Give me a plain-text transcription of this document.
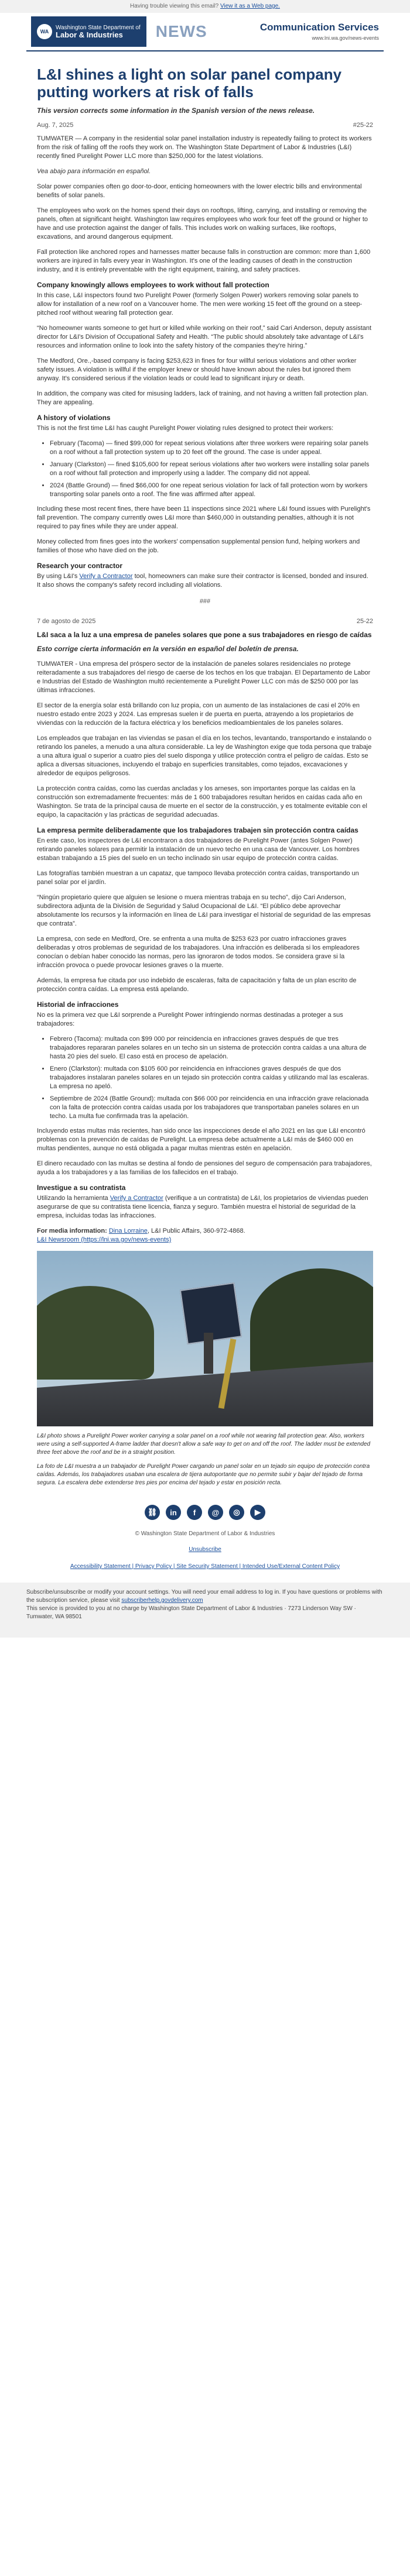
Having trouble viewing this email? View it as a Web page.
WA
Washington State Department of
Labor & Industries	NEWS	Communication Services
www.lni.wa.gov/news-events
L&I shines a light on solar panel company putting workers at risk of falls
This version corrects some information in the Spanish version of the news release.
Aug. 7, 2025	#25-22

TUMWATER — A company in the residential solar panel installation industry is repeatedly failing to protect its workers from the risk of falling off the roofs they work on. The Washington State Department of Labor & Industries (L&I) recently fined Purelight Power LLC more than $250,000 for the latest violations.

Vea abajo para información en español.

Solar power companies often go door-to-door, enticing homeowners with the lower electric bills and environmental benefits of solar panels.

The employees who work on the homes spend their days on rooftops, lifting, carrying, and installing or removing the panels, often at significant height. Washington law requires employees who work four feet off the ground or higher to have and use protection against the danger of falls. This includes work on walking surfaces, like rooftops, excavations, and around dangerous equipment.

Fall protection like anchored ropes and harnesses matter because falls in construction are common: more than 1,600 workers are injured in falls every year in Washington. It's one of the leading causes of death in the construction industry, and it is entirely preventable with the right equipment, training, and safety practices.

Company knowingly allows employees to work without fall protection

In this case, L&I inspectors found two Purelight Power (formerly Solgen Power) workers removing solar panels to allow for installation of a new roof on a Vancouver home. The men were working 15 feet off the ground on a steep-pitched roof without wearing fall protection gear.

“No homeowner wants someone to get hurt or killed while working on their roof,” said Cari Anderson, deputy assistant director for L&I's Division of Occupational Safety and Health. “The public should absolutely take advantage of L&I's resources and information online to look into the safety history of the companies they're hiring.”

The Medford, Ore.,-based company is facing $253,623 in fines for four willful serious violations and other worker safety issues. A violation is willful if the employer knew or should have known about the rules but ignored them anyway. It's considered serious if the violation leads or could lead to significant injury or death.

In addition, the company was cited for misusing ladders, lack of training, and not having a written fall protection plan. They are appealing.

A history of violations

This is not the first time L&I has caught Purelight Power violating rules designed to protect their workers:

• February (Tacoma) — fined $99,000 for repeat serious violations after three workers were repairing solar panels on a roof without a fall protection system up to 20 feet off the ground. The case is under appeal.
• January (Clarkston) — fined $105,600 for repeat serious violations after two workers were installing solar panels on a roof without fall protection and improperly using a ladder. The company did not appeal.
• 2024 (Battle Ground) — fined $66,000 for one repeat serious violation for lack of fall protection worn by workers transporting solar panels onto a roof. The fine was affirmed after appeal.

Including these most recent fines, there have been 11 inspections since 2021 where L&I found issues with Purelight's fall prevention. The company currently owes L&I more than $460,000 in outstanding penalties, although it is not required to pay fines while they are under appeal.

Money collected from fines goes into the workers' compensation supplemental pension fund, helping workers and families of those who have died on the job.

Research your contractor

By using L&I's Verify a Contractor tool, homeowners can make sure their contractor is licensed, bonded and insured. It also shows the company's safety record including all violations.

###
7 de agosto de 2025	25-22
L&I saca a la luz a una empresa de paneles solares que pone a sus trabajadores en riesgo de caídas
Esto corrige cierta información en la versión en español del boletín de prensa.

TUMWATER - Una empresa del próspero sector de la instalación de paneles solares residenciales no protege reiteradamente a sus trabajadores del riesgo de caerse de los techos en los que trabajan. El Departamento de Labor e Industrias del Estado de Washington multó recientemente a Purelight Power LLC con más de $250 000 por las últimas infracciones.

El sector de la energía solar está brillando con luz propia, con un aumento de las instalaciones de casi el 20% en nuestro estado entre 2023 y 2024. Las empresas suelen ir de puerta en puerta, atrayendo a los propietarios de viviendas con la reducción de la factura eléctrica y los beneficios medioambientales de los paneles solares.

Los empleados que trabajan en las viviendas se pasan el día en los techos, levantando, transportando e instalando o retirando los paneles, a menudo a una altura considerable. La ley de Washington exige que toda persona que trabaje a una altura igual o superior a cuatro pies del suelo disponga y utilice protección contra el peligro de caídas. Esto se aplica a diversas situaciones, incluyendo el trabajo en superficies transitables, como tejados, excavaciones y alrededor de equipos peligrosos.

La protección contra caídas, como las cuerdas ancladas y los arneses, son importantes porque las caídas en la construcción son extremadamente frecuentes: más de 1 600 trabajadores resultan heridos en caídas cada año en Washington. Se trata de la principal causa de muerte en el sector de la construcción, y es totalmente evitable con el equipo, la capacitación y las prácticas de seguridad adecuadas.

La empresa permite deliberadamente que los trabajadores trabajen sin protección contra caídas

En este caso, los inspectores de L&I encontraron a dos trabajadores de Purelight Power (antes Solgen Power) retirando paneles solares para permitir la instalación de un nuevo techo en una casa de Vancouver. Los hombres estaban trabajando a 15 pies del suelo en un techo inclinado sin usar equipo de protección contra caídas.

Las fotografías también muestran a un capataz, que tampoco llevaba protección contra caídas, transportando un panel solar por el jardín.

“Ningún propietario quiere que alguien se lesione o muera mientras trabaja en su techo”, dijo Cari Anderson, subdirectora adjunta de la División de Seguridad y Salud Ocupacional de L&I. “El público debe aprovechar absolutamente los recursos y la información en línea de L&I para investigar el historial de seguridad de las empresas que contrata”.

La empresa, con sede en Medford, Ore. se enfrenta a una multa de $253 623 por cuatro infracciones graves deliberadas y otros problemas de seguridad de los trabajadores. Una infracción es deliberada si los empleadores conocían o debían haber conocido las normas, pero las ignoraron de todos modos. Se considera grave si la infracción provoca o puede provocar lesiones graves o la muerte.

Además, la empresa fue citada por uso indebido de escaleras, falta de capacitación y falta de un plan escrito de protección contra caídas. La empresa está apelando.

Historial de infracciones

No es la primera vez que L&I sorprende a Purelight Power infringiendo normas destinadas a proteger a sus trabajadores:

• Febrero (Tacoma): multada con $99 000 por reincidencia en infracciones graves después de que tres trabajadores repararan paneles solares en un techo sin un sistema de protección contra caídas a una altura de hasta 20 pies del suelo. El caso está en proceso de apelación.
• Enero (Clarkston): multada con $105 600 por reincidencia en infracciones graves después de que dos trabajadores instalaran paneles solares en un tejado sin protección contra caídas y utilizando mal las escaleras. La empresa no apeló.
• Septiembre de 2024 (Battle Ground): multada con $66 000 por reincidencia en una infracción grave relacionada con la falta de protección contra caídas usada por los trabajadores que transportaban paneles solares en un techo. La multa fue confirmada tras la apelación.

Incluyendo estas multas más recientes, han sido once las inspecciones desde el año 2021 en las que L&I encontró problemas con la prevención de caídas de Purelight. La empresa debe actualmente a L&I más de $460 000 en multas pendientes, aunque no está obligada a pagar multas mientras estén en apelación.

El dinero recaudado con las multas se destina al fondo de pensiones del seguro de compensación para trabajadores, ayuda a los trabajadores y a las familias de los fallecidos en el trabajo.

Investigue a su contratista

Utilizando la herramienta Verify a Contractor (verifique a un contratista) de L&I, los propietarios de viviendas pueden asegurarse de que su contratista tiene licencia, fianza y seguro. También muestra el historial de seguridad de la empresa, incluidas todas las infracciones.

For media information: Dina Lorraine, L&I Public Affairs, 360-972-4868.
L&I Newsroom (https://lni.wa.gov/news-events)

L&I photo shows a Purelight Power worker carrying a solar panel on a roof while not wearing fall protection gear. Also, workers were using a self-supported A-frame ladder that doesn't allow a safe way to get on and off the roof. The ladder must be extended three feet above the roof and be in a straight position.

La foto de L&I muestra a un trabajador de Purelight Power cargando un panel solar en un tejado sin equipo de protección contra caídas. Además, los trabajadores usaban una escalera de tijera autoportante que no permite subir y bajar del tejado de forma segura. La escalera debe extenderse tres pies por encima del tejado y estar en posición recta.

⛓	in	f	@	◎	▶
© Washington State Department of Labor & Industries
Unsubscribe
Accessibility Statement | Privacy Policy | Site Security Statement | Intended Use/External Content Policy
Subscribe/unsubscribe or modify your account settings. You will need your email address to log in. If you have questions or problems with the subscription service, please visit subscriberhelp.govdelivery.com
This service is provided to you at no charge by Washington State Department of Labor & Industries · 7273 Linderson Way SW · Tumwater, WA 98501
